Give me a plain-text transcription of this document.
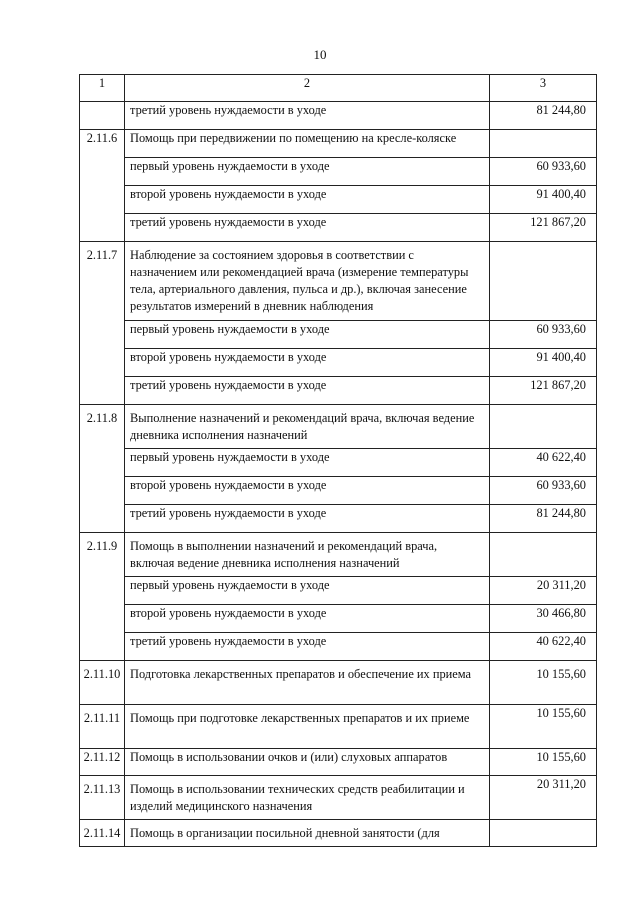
10
1	2	3
	третий уровень нуждаемости в уходе	81 244,80
2.11.6	Помощь при передвижении по помещению на кресле-коляске	
	первый уровень нуждаемости в уходе	60 933,60
	второй уровень нуждаемости в уходе	91 400,40
	третий уровень нуждаемости в уходе	121 867,20
2.11.7	Наблюдение за состоянием здоровья в соответствии с назначением или рекомендацией врача (измерение температуры тела, артериального давления, пульса и др.), включая занесение результатов измерений в дневник наблюдения	
	первый уровень нуждаемости в уходе	60 933,60
	второй уровень нуждаемости в уходе	91 400,40
	третий уровень нуждаемости в уходе	121 867,20
2.11.8	Выполнение назначений и рекомендаций врача, включая ведение дневника исполнения назначений	
	первый уровень нуждаемости в уходе	40 622,40
	второй уровень нуждаемости в уходе	60 933,60
	третий уровень нуждаемости в уходе	81 244,80
2.11.9	Помощь в выполнении назначений и рекомендаций врача, включая ведение дневника исполнения назначений	
	первый уровень нуждаемости в уходе	20 311,20
	второй уровень нуждаемости в уходе	30 466,80
	третий уровень нуждаемости в уходе	40 622,40
2.11.10	Подготовка лекарственных препаратов и обеспечение их приема	10 155,60
2.11.11	Помощь при подготовке лекарственных препаратов и их приеме	10 155,60
2.11.12	Помощь в использовании очков и (или) слуховых аппаратов	10 155,60
2.11.13	Помощь в использовании технических средств реабилитации и изделий медицинского назначения	20 311,20
2.11.14	Помощь в организации посильной дневной занятости (для	
